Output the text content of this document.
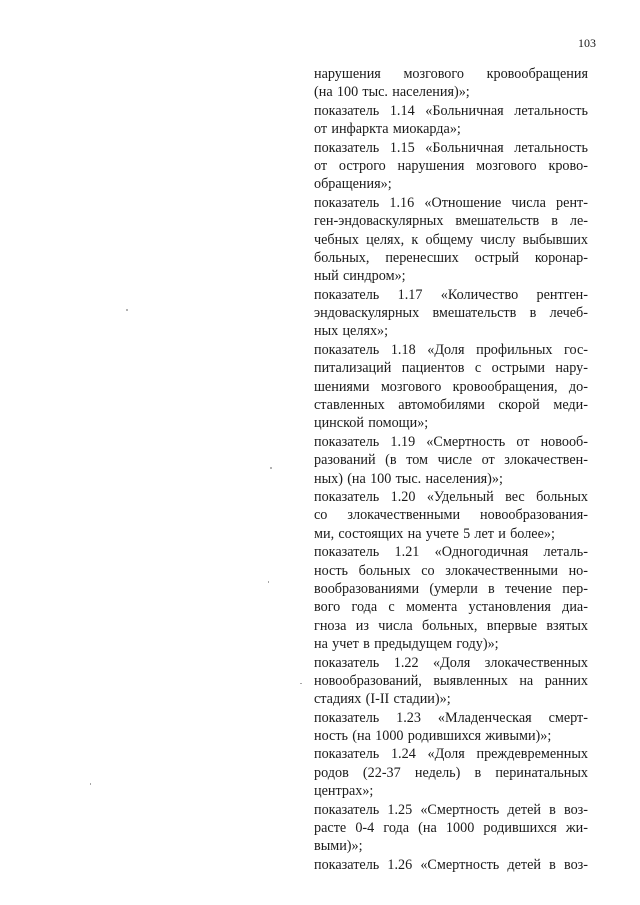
103
нарушения мозгового кровообращения
(на 100 тыс. населения)»;
показатель 1.14 «Больничная летальность
от инфаркта миокарда»;
показатель 1.15 «Больничная летальность
от острого нарушения мозгового крово-
обращения»;
показатель 1.16 «Отношение числа рент-
ген-эндоваскулярных вмешательств в ле-
чебных целях, к общему числу выбывших
больных, перенесших острый коронар-
ный синдром»;
показатель 1.17 «Количество рентген-
эндоваскулярных вмешательств в лечеб-
ных целях»;
показатель 1.18 «Доля профильных гос-
питализаций пациентов с острыми нару-
шениями мозгового кровообращения, до-
ставленных автомобилями скорой меди-
цинской помощи»;
показатель 1.19 «Смертность от новооб-
разований (в том числе от злокачествен-
ных) (на 100 тыс. населения)»;
показатель 1.20 «Удельный вес больных
со злокачественными новообразования-
ми, состоящих на учете 5 лет и более»;
показатель 1.21 «Одногодичная леталь-
ность больных со злокачественными но-
вообразованиями (умерли в течение пер-
вого года с момента установления диа-
гноза из числа больных, впервые взятых
на учет в предыдущем году)»;
показатель 1.22 «Доля злокачественных
новообразований, выявленных на ранних
стадиях (I-II стадии)»;
показатель 1.23 «Младенческая смерт-
ность (на 1000 родившихся живыми)»;
показатель 1.24 «Доля преждевременных
родов (22-37 недель) в перинатальных
центрах»;
показатель 1.25 «Смертность детей в воз-
расте 0-4 года (на 1000 родившихся жи-
выми)»;
показатель 1.26 «Смертность детей в воз-
